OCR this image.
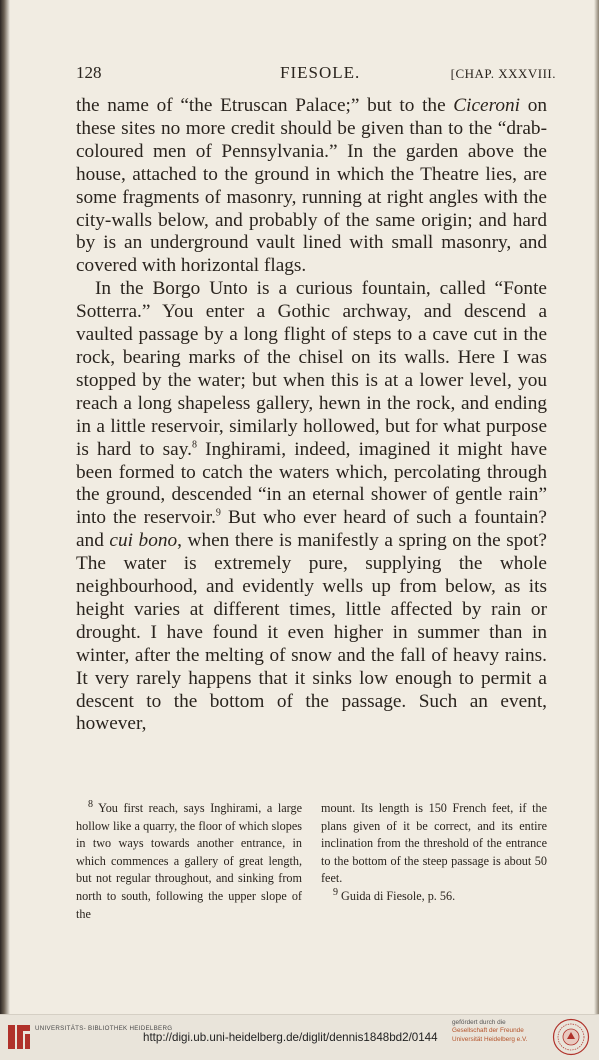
128	FIESOLE.	[CHAP. XXXVIII.

the name of “the Etruscan Palace;” but to the Ciceroni on these sites no more credit should be given than to the “drab-coloured men of Pennsylvania.” In the garden above the house, attached to the ground in which the Theatre lies, are some fragments of masonry, running at right angles with the city-walls below, and probably of the same origin; and hard by is an underground vault lined with small masonry, and covered with horizontal flags.

In the Borgo Unto is a curious fountain, called “Fonte Sotterra.” You enter a Gothic archway, and descend a vaulted passage by a long flight of steps to a cave cut in the rock, bearing marks of the chisel on its walls. Here I was stopped by the water; but when this is at a lower level, you reach a long shapeless gallery, hewn in the rock, and ending in a little reservoir, similarly hollowed, but for what purpose is hard to say.$^8$ Inghirami, indeed, imagined it might have been formed to catch the waters which, percolating through the ground, descended “in an eternal shower of gentle rain” into the reservoir.$^9$ But who ever heard of such a fountain? and cui bono, when there is manifestly a spring on the spot? The water is extremely pure, supplying the whole neighbourhood, and evidently wells up from below, as its height varies at different times, little affected by rain or drought. I have found it even higher in summer than in winter, after the melting of snow and the fall of heavy rains. It very rarely happens that it sinks low enough to permit a descent to the bottom of the passage. Such an event, however,

$^8$ You first reach, says Inghirami, a large hollow like a quarry, the floor of which slopes in two ways towards another entrance, in which commences a gallery of great length, but not regular throughout, and sinking from north to south, following the upper slope of the

mount. Its length is 150 French feet, if the plans given of it be correct, and its entire inclination from the threshold of the entrance to the bottom of the steep passage is about 50 feet.

$^9$ Guida di Fiesole, p. 56.

UNIVERSITÄTS- BIBLIOTHEK HEIDELBERG
http://digi.ub.uni-heidelberg.de/diglit/dennis1848bd2/0144
gefördert durch die
Gesellschaft der Freunde
Universität Heidelberg e.V.
